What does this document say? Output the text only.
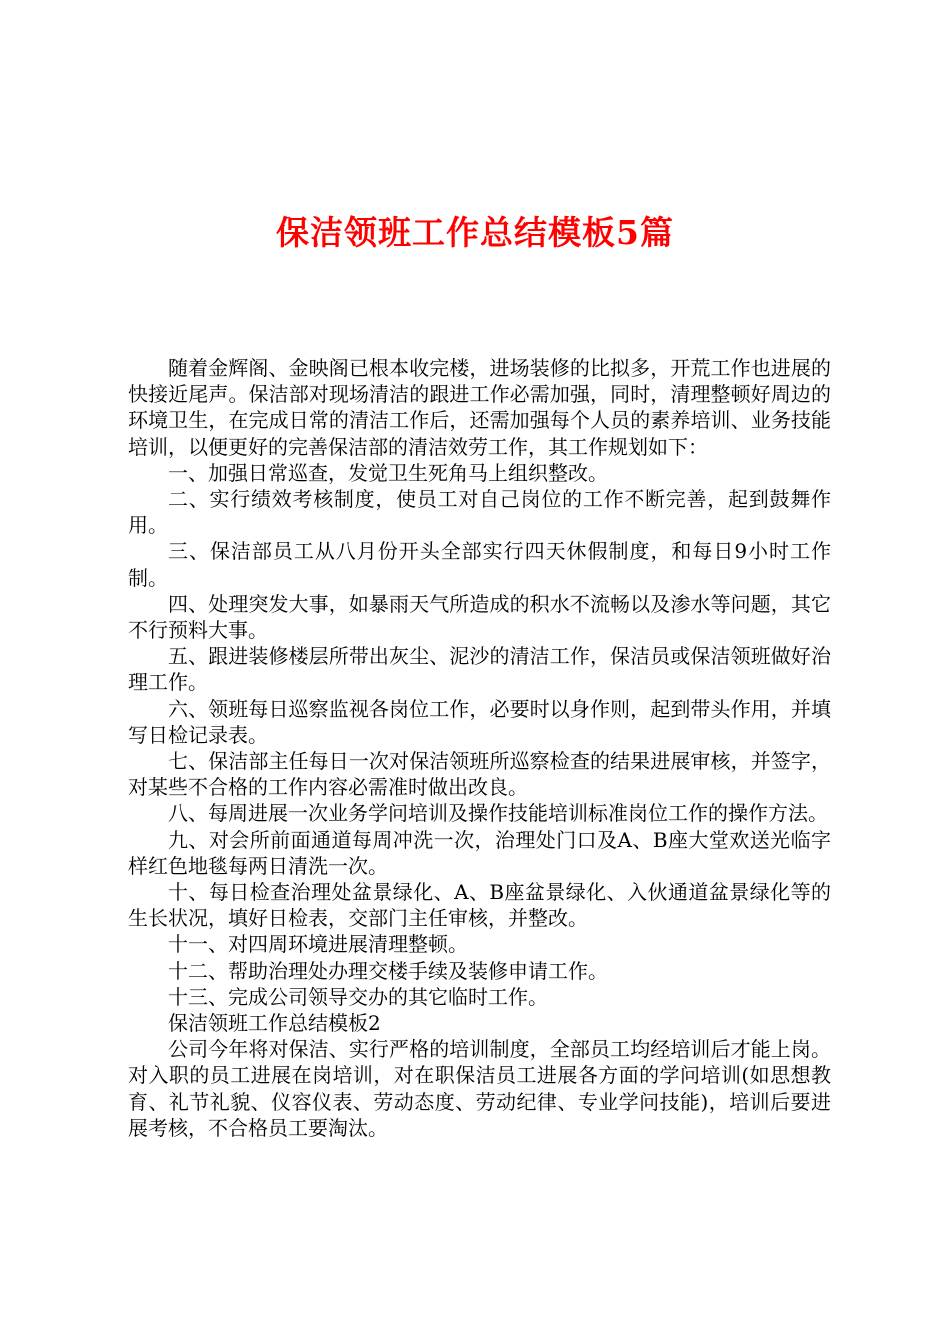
保洁领班工作总结模板5篇

随着金辉阁、金映阁已根本收完楼，进场装修的比拟多，开荒工作也进展的快接近尾声。保洁部对现场清洁的跟进工作必需加强，同时，清理整顿好周边的环境卫生，在完成日常的清洁工作后，还需加强每个人员的素养培训、业务技能培训，以便更好的完善保洁部的清洁效劳工作，其工作规划如下：

一、加强日常巡查，发觉卫生死角马上组织整改。

二、实行绩效考核制度，使员工对自己岗位的工作不断完善，起到鼓舞作用。

三、保洁部员工从八月份开头全部实行四天休假制度，和每日9小时工作制。

四、处理突发大事，如暴雨天气所造成的积水不流畅以及渗水等问题，其它不行预料大事。

五、跟进装修楼层所带出灰尘、泥沙的清洁工作，保洁员或保洁领班做好治理工作。

六、领班每日巡察监视各岗位工作，必要时以身作则，起到带头作用，并填写日检记录表。

七、保洁部主任每日一次对保洁领班所巡察检查的结果进展审核，并签字，对某些不合格的工作内容必需准时做出改良。

八、每周进展一次业务学问培训及操作技能培训标准岗位工作的操作方法。

九、对会所前面通道每周冲洗一次，治理处门口及A、B座大堂欢送光临字样红色地毯每两日清洗一次。

十、每日检查治理处盆景绿化、A、B座盆景绿化、入伙通道盆景绿化等的生长状况，填好日检表，交部门主任审核，并整改。

十一、对四周环境进展清理整顿。

十二、帮助治理处办理交楼手续及装修申请工作。

十三、完成公司领导交办的其它临时工作。

保洁领班工作总结模板2

公司今年将对保洁、实行严格的培训制度，全部员工均经培训后才能上岗。对入职的员工进展在岗培训，对在职保洁员工进展各方面的学问培训(如思想教育、礼节礼貌、仪容仪表、劳动态度、劳动纪律、专业学问技能)，培训后要进展考核，不合格员工要淘汰。
